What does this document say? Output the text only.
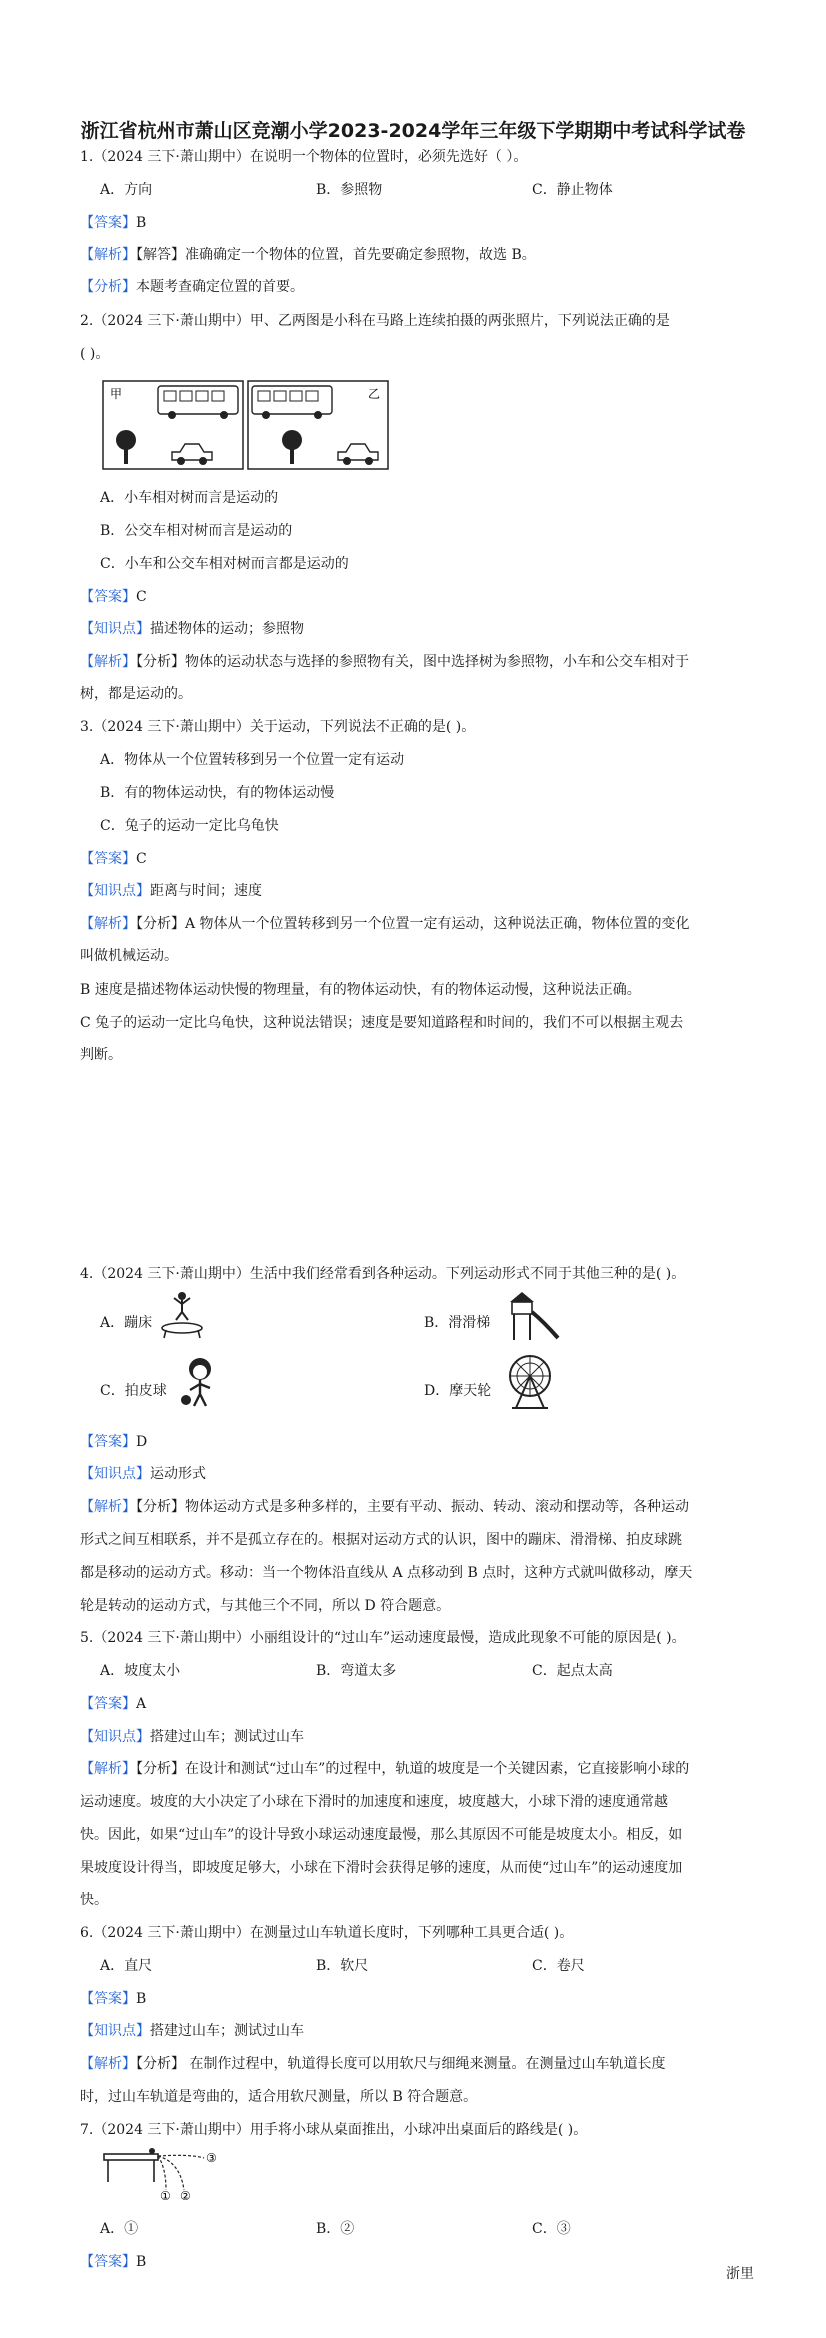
浙江省杭州市萧山区竞潮小学2023-2024学年三年级下学期期中考试科学试卷
1.（2024 三下·萧山期中）在说明一个物体的位置时，必须先选好（ ）。
A．方向	B．参照物	C．静止物体
【答案】B
【解析】【解答】准确确定一个物体的位置，首先要确定参照物，故选 B。
【分析】本题考查确定位置的首要。
2.（2024 三下·萧山期中）甲、乙两图是小科在马路上连续拍摄的两张照片，下列说法正确的是
( )。
甲	乙
A．小车相对树而言是运动的
B．公交车相对树而言是运动的
C．小车和公交车相对树而言都是运动的
【答案】C
【知识点】描述物体的运动；参照物
【解析】【分析】物体的运动状态与选择的参照物有关，图中选择树为参照物，小车和公交车相对于
树，都是运动的。
3.（2024 三下·萧山期中）关于运动，下列说法不正确的是( )。
A．物体从一个位置转移到另一个位置一定有运动
B．有的物体运动快，有的物体运动慢
C．兔子的运动一定比乌龟快
【答案】C
【知识点】距离与时间；速度
【解析】【分析】A 物体从一个位置转移到另一个位置一定有运动，这种说法正确，物体位置的变化
叫做机械运动。
B 速度是描述物体运动快慢的物理量，有的物体运动快，有的物体运动慢，这种说法正确。
C 兔子的运动一定比乌龟快，这种说法错误；速度是要知道路程和时间的，我们不可以根据主观去
判断。
4.（2024 三下·萧山期中）生活中我们经常看到各种运动。下列运动形式不同于其他三种的是( )。
A．蹦床	B．滑滑梯
C．拍皮球	D．摩天轮
【答案】D
【知识点】运动形式
【解析】【分析】物体运动方式是多种多样的，主要有平动、振动、转动、滚动和摆动等，各种运动
形式之间互相联系，并不是孤立存在的。根据对运动方式的认识，图中的蹦床、滑滑梯、拍皮球跳
都是移动的运动方式。移动：当一个物体沿直线从 A 点移动到 B 点时，这种方式就叫做移动，摩天
轮是转动的运动方式，与其他三个不同，所以 D 符合题意。
5.（2024 三下·萧山期中）小丽组设计的“过山车”运动速度最慢，造成此现象不可能的原因是( )。
A．坡度太小	B．弯道太多	C．起点太高
【答案】A
【知识点】搭建过山车；测试过山车
【解析】【分析】在设计和测试“过山车”的过程中，轨道的坡度是一个关键因素，它直接影响小球的
运动速度。坡度的大小决定了小球在下滑时的加速度和速度，坡度越大，小球下滑的速度通常越
快。因此，如果“过山车”的设计导致小球运动速度最慢，那么其原因不可能是坡度太小。相反，如
果坡度设计得当，即坡度足够大，小球在下滑时会获得足够的速度，从而使“过山车”的运动速度加
快。
6.（2024 三下·萧山期中）在测量过山车轨道长度时，下列哪种工具更合适( )。
A．直尺	B．软尺	C．卷尺
【答案】B
【知识点】搭建过山车；测试过山车
【解析】【分析】 在制作过程中，轨道得长度可以用软尺与细绳来测量。在测量过山车轨道长度
时，过山车轨道是弯曲的，适合用软尺测量，所以 B 符合题意。
7.（2024 三下·萧山期中）用手将小球从桌面推出，小球冲出桌面后的路线是( )。
① ②
③
A．①	B．②	C．③
【答案】B
浙里
